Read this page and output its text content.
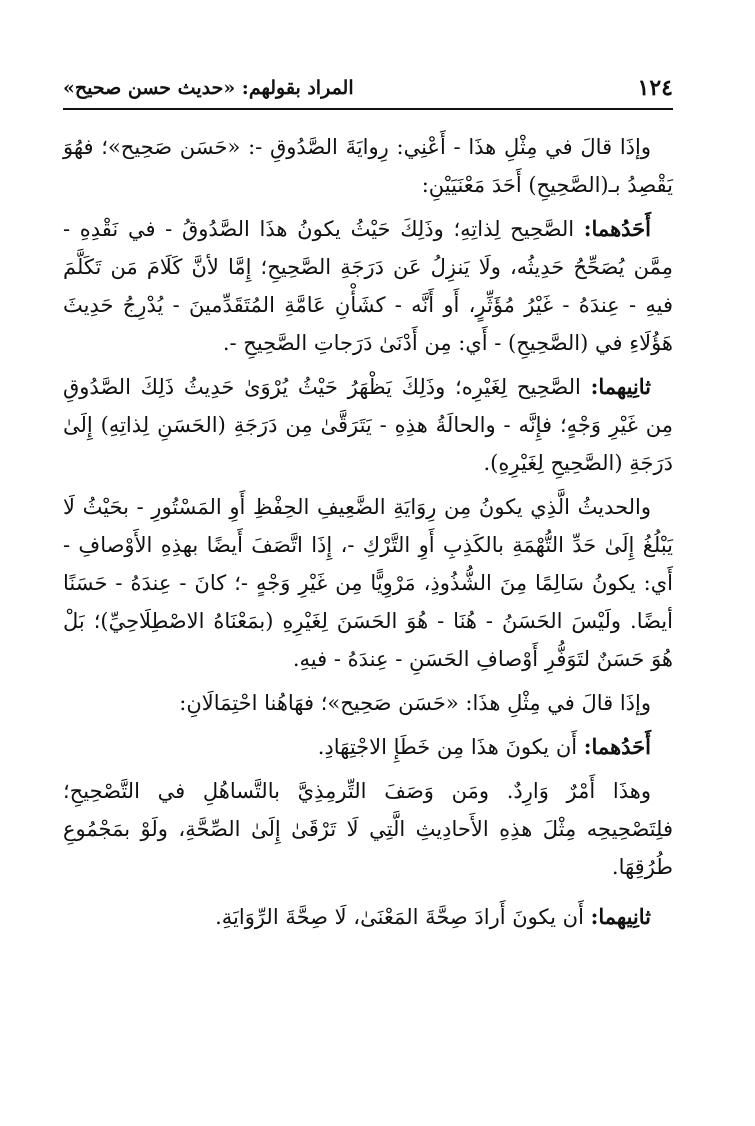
١٢٤
المراد بقولهم: «حديث حسن صحيح»

وإذَا قالَ في مِثْلِ هذَا - أَعْنِي: رِوايَةَ الصَّدُوقِ -: «حَسَن صَحِيح»؛ فهُوَ يَقْصِدُ بـ(الصَّحِيحِ) أَحَدَ مَعْنَيَيْنِ:

أَحَدُهما: الصَّحِيح لِذاتِهِ؛ وذَلِكَ حَيْثُ يكونُ هذَا الصَّدُوقُ - في نَقْدِهِ - مِمَّن يُصَحِّحُ حَدِيثُه، ولَا يَنزِلُ عَن دَرَجَةِ الصَّحِيحِ؛ إِمَّا لأنَّ كَلَامَ مَن تَكَلَّمَ فيهِ - عِندَهُ - غَيْرُ مُؤَثِّرٍ، أَو أَنَّه - كشَأْنِ عَامَّةِ المُتَقَدِّمينَ - يُدْرِجُ حَدِيثَ هَؤُلَاءِ في (الصَّحِيحِ) - أَي: مِن أَدْنَىٰ دَرَجاتِ الصَّحِيحِ -.

ثانِيهما: الصَّحِيح لِغَيْرِه؛ وذَلِكَ يَظْهَرُ حَيْثُ يُرْوَىٰ حَدِيثُ ذَلِكَ الصَّدُوقِ مِن غَيْرِ وَجْهٍ؛ فإِنَّه - والحالَةُ هذِهِ - يَتَرَقَّىٰ مِن دَرَجَةِ (الحَسَنِ لِذاتِهِ) إِلَىٰ دَرَجَةِ (الصَّحِيحِ لِغَيْرِهِ).

والحديثُ الَّذِي يكونُ مِن رِوَايَةِ الضَّعِيفِ الحِفْظِ أَوِ المَسْتُورِ - بحَيْثُ لَا يَبْلُغُ إِلَىٰ حَدِّ التُّهْمَةِ بالكَذِبِ أَوِ التَّرْكِ -، إِذَا اتَّصَفَ أَيضًا بهذِهِ الأَوْصافِ - أَي: يكونُ سَالِمًا مِنَ الشُّذُوذِ، مَرْوِيًّا مِن غَيْرِ وَجْهٍ -؛ كانَ - عِندَهُ - حَسَنًا أيضًا. ولَيْسَ الحَسَنُ - هُنَا - هُوَ الحَسَنَ لِغَيْرِهِ (بمَعْنَاهُ الاصْطِلَاحِيِّ)؛ بَلْ هُوَ حَسَنٌ لتَوَفُّرِ أَوْصافِ الحَسَنِ - عِندَهُ - فيهِ.

وإذَا قالَ في مِثْلِ هذَا: «حَسَن صَحِيح»؛ فهَاهُنا احْتِمَالَانِ:

أَحَدُهما: أَن يكونَ هذَا مِن خَطَإِ الاجْتِهَادِ.

وهذَا أَمْرٌ وَارِدٌ. ومَن وَصَفَ التِّرمِذِيَّ بالتَّساهُلِ في التَّصْحِيحِ؛ فلِتَصْحِيحِه مِثْلَ هذِهِ الأَحادِيثِ الَّتِي لَا تَرْقَىٰ إِلَىٰ الصِّحَّةِ، ولَوْ بمَجْمُوعِ طُرُقِهَا.

ثانِيهما: أَن يكونَ أَرادَ صِحَّةَ المَعْنَىٰ، لَا صِحَّةَ الرِّوَايَةِ.
